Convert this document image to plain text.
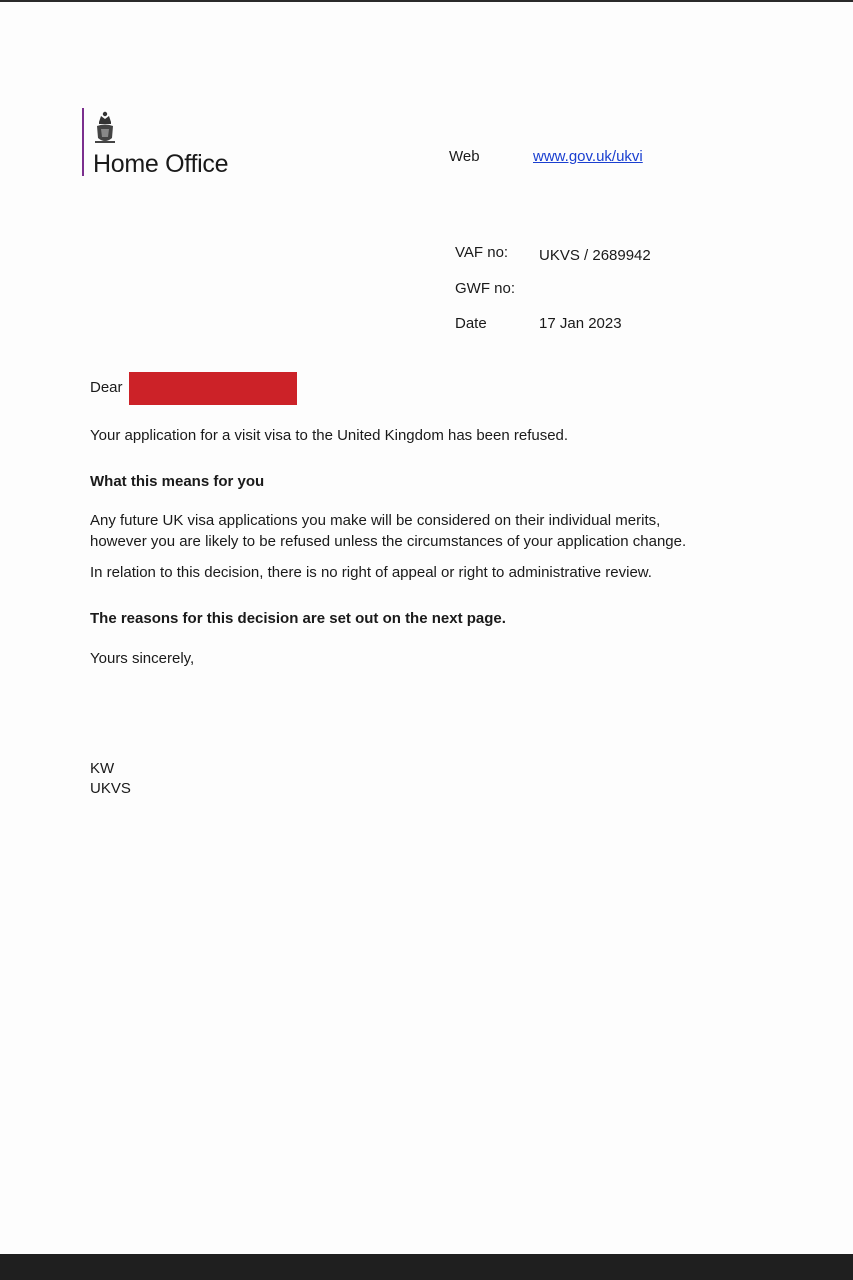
Home Office	Web	www.gov.uk/ukvi
VAF no: UKVS / 2689942
GWF no:
Date	17 Jan 2023
Dear
Your application for a visit visa to the United Kingdom has been refused.
What this means for you
Any future UK visa applications you make will be considered on their individual merits,
however you are likely to be refused unless the circumstances of your application change.
In relation to this decision, there is no right of appeal or right to administrative review.
The reasons for this decision are set out on the next page.
Yours sincerely,
KW
UKVS
